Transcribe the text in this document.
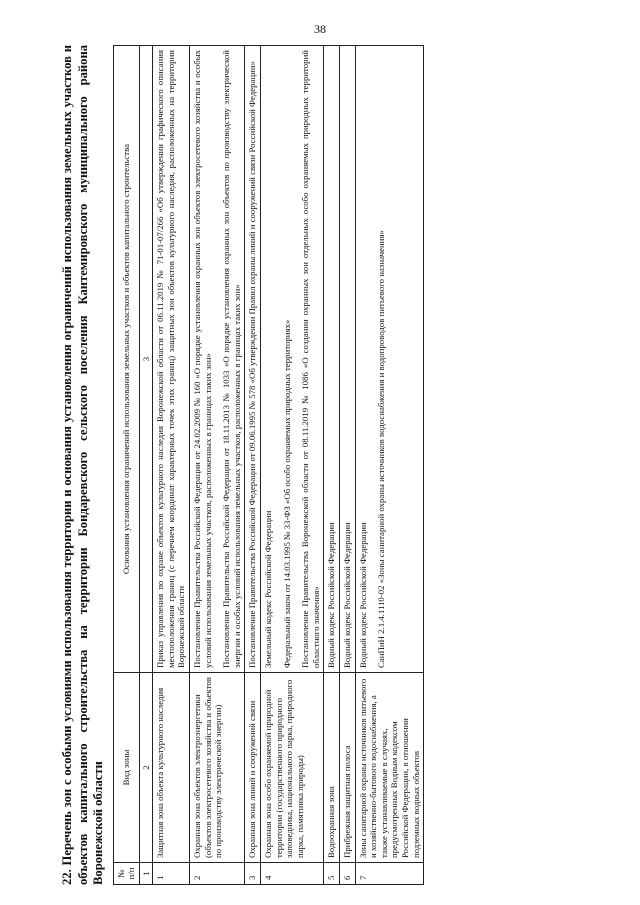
38
22. Перечень зон с особыми условиями использования территории и основания установления ограничений использования земельных участков и объектов капитального строительства на территории Бондаревского сельского поселения Кантемировского муниципального района Воронежской области № п/п	Вид зоны	Основания установления ограничений использования земельных участков и объектов капитального строительства
1	2	3
1	Защитная зона объекта культурного наследия	Приказ управления по охране объектов культурного наследия Воронежской области от 06.11.2019 № 71-01-07/266 «Об утверждении графического описания местоположения границ (с перечнем координат характерных точек этих границ) защитных зон объектов культурного наследия, расположенных на территории Воронежской области

2	Охранная зона объектов электроэнергетики (объектов электросетевого хозяйства и объектов по производству электрической энергии)	Постановление Правительства Российской Федерации от 24.02.2009 № 160 «О порядке установления охранных зон объектов электросетевого хозяйства и особых условий использования земельных участков, расположенных в границах таких зон» Постановление Правительства Российской Федерации от 18.11.2013 № 1033 «О порядке установления охранных зон объектов по производству электрической энергии и особых условий использования земельных участков, расположенных в границах таких зон»

3	Охранная зона линий и сооружений связи	Постановление Правительства Российской Федерации от 09.06.1995 № 578 «Об утверждении Правил охраны линий и сооружений связи Российской Федерации»

4	Охранная зона особо охраняемой природной территории (государственного природного заповедника, национального парка, природного парка, памятника природы)	Земельный кодекс Российской Федерации Федеральный закон от 14.03.1995 № 33-ФЗ «Об особо охраняемых природных территориях» Постановление Правительства Воронежской области от 08.11.2019 № 1086 «О создании охранных зон отдельных особо охраняемых природных территорий областного значения»

5	Водоохранная зона	Водный кодекс Российской Федерации

6	Прибрежная защитная полоса	Водный кодекс Российской Федерации

7	Зоны санитарной охраны источников питьевого и хозяйственно-бытового водоснабжения, а также устанавливаемые в случаях, предусмотренных Водным кодексом Российской Федерации, в отношении подземных водных объектов	Водный кодекс Российской Федерации СанПиН 2.1.4.1110-02 «Зоны санитарной охраны источников водоснабжения и водопроводов питьевого назначения»
